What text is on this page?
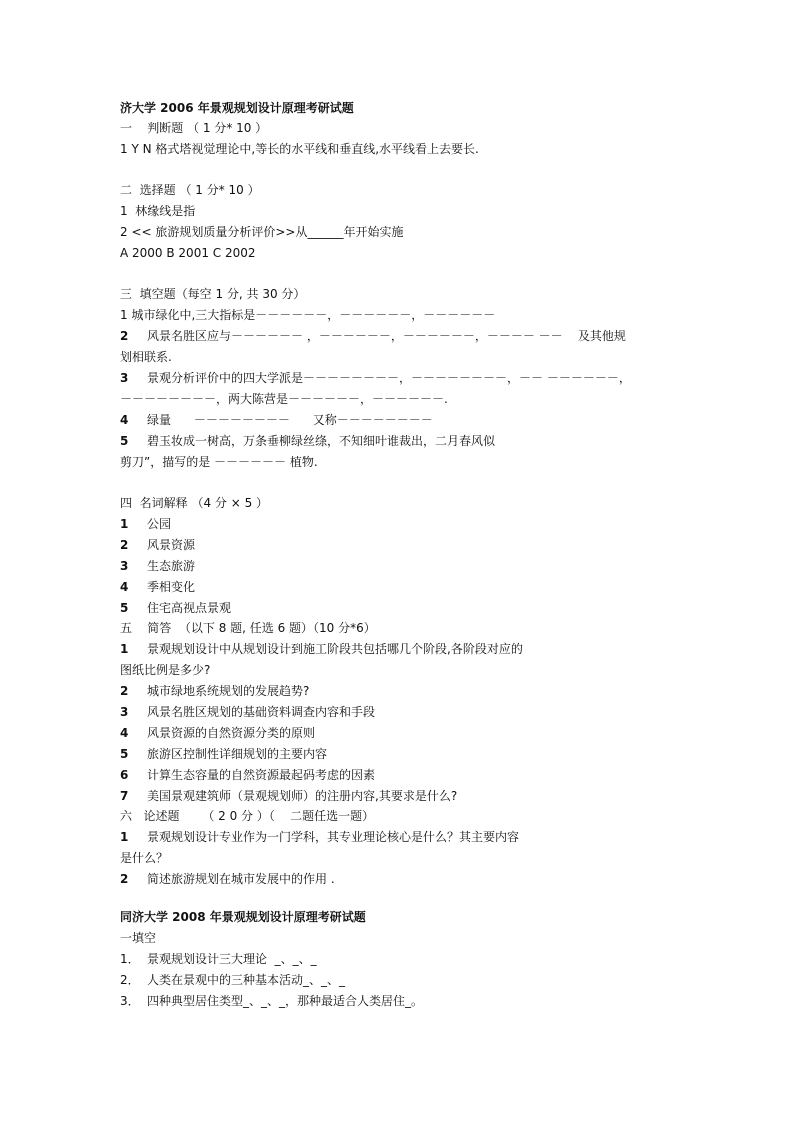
济大学 2006 年景观规划设计原理考研试题
一    判断题 （ 1 分* 10 ）
1 Y N 格式塔视觉理论中,等长的水平线和垂直线,水平线看上去要长.
二  选择题 （ 1 分* 10 ）
1  林缘线是指
2 << 旅游规划质量分析评价>>从______年开始实施
A 2000 B 2001 C 2002
三  填空题（每空 1 分, 共 30 分）
1 城市绿化中,三大指标是－－－－－－，－－－－－－，－－－－－－
2 风景名胜区应与－－－－－－ ，－－－－－－，－－－－－－，－－－－ －－    及其他规
划相联系.
3 景观分析评价中的四大学派是－－－－－－－－，－－－－－－－－，－－ －－－－－－，
－－－－－－－－，两大陈营是－－－－－－，－－－－－－.
4 绿量      －－－－－－－－      又称－－－－－－－－
5 碧玉妆成一树高，万条垂柳绿丝绦，不知细叶谁裁出，二月春风似
剪刀”，描写的是 －－－－－－ 植物.
四  名词解释 （4 分 × 5 ）
1 公园
2 风景资源
3 生态旅游
4 季相变化
5 住宅高视点景观
五    简答  （以下 8 题, 任选 6 题）（10 分*6）
1 景观规划设计中从规划设计到施工阶段共包括哪几个阶段,各阶段对应的
图纸比例是多少?
2 城市绿地系统规划的发展趋势?
3 风景名胜区规划的基础资料调查内容和手段
4 风景资源的自然资源分类的原则
5 旅游区控制性详细规划的主要内容
6 计算生态容量的自然资源最起码考虑的因素
7 美国景观建筑师（景观规划师）的注册内容,其要求是什么?
六   论述题      （ 2 0 分 ）（    二题任选一题）
1 景观规划设计专业作为一门学科，其专业理论核心是什么？其主要内容
是什么？
2 简述旅游规划在城市发展中的作用 .
同济大学 2008 年景观规划设计原理考研试题
一填空
1． 景观规划设计三大理论  _、_、_
2． 人类在景观中的三种基本活动_、_、_
3． 四种典型居住类型_、_、_，那种最适合人类居住_。
